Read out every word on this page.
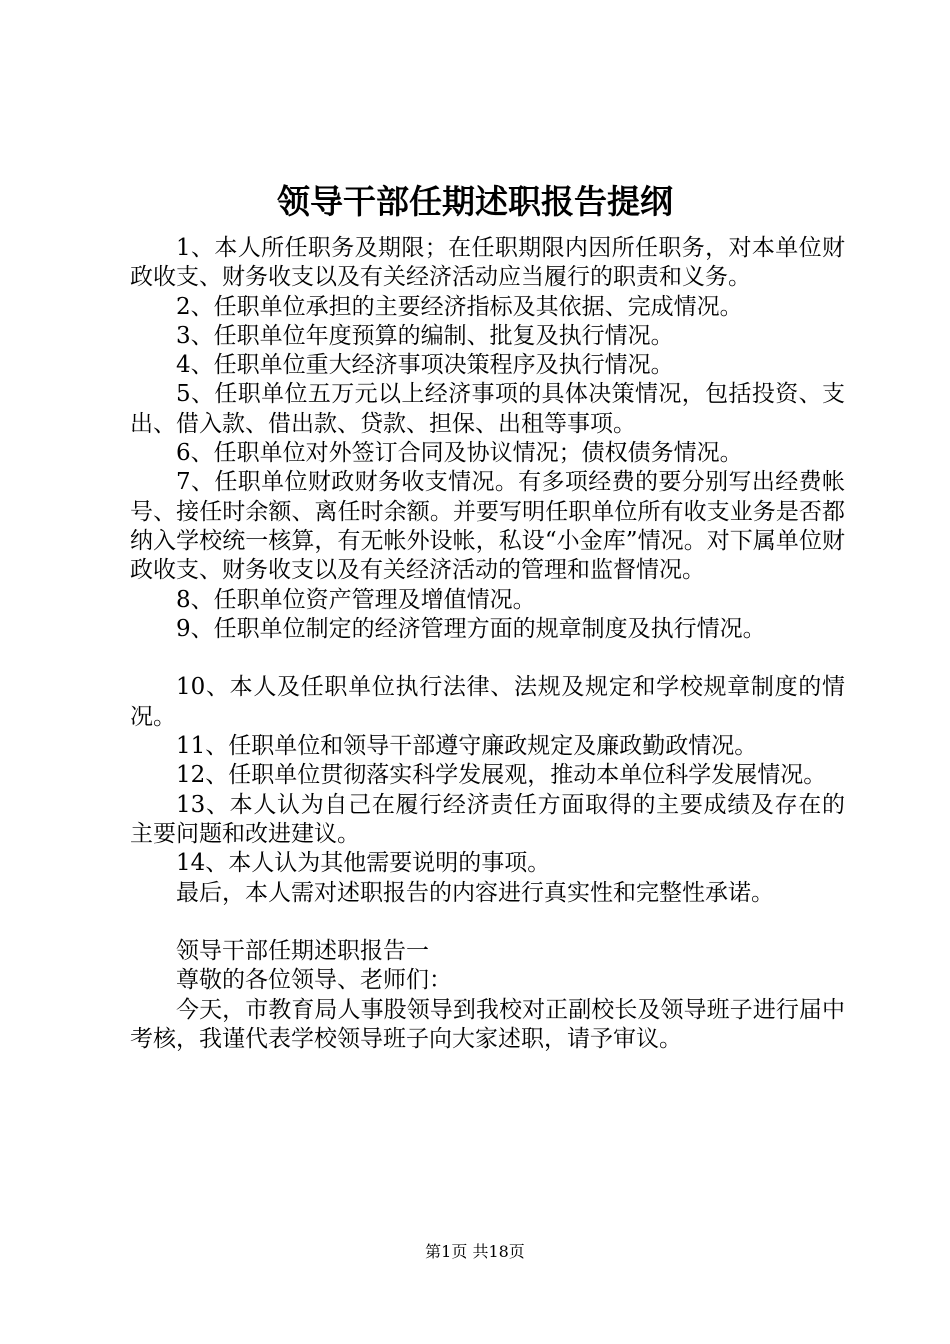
领导干部任期述职报告提纲

1、本人所任职务及期限；在任职期限内因所任职务，对本单位财政收支、财务收支以及有关经济活动应当履行的职责和义务。

2、任职单位承担的主要经济指标及其依据、完成情况。

3、任职单位年度预算的编制、批复及执行情况。

4、任职单位重大经济事项决策程序及执行情况。

5、任职单位五万元以上经济事项的具体决策情况，包括投资、支出、借入款、借出款、贷款、担保、出租等事项。

6、任职单位对外签订合同及协议情况；债权债务情况。

7、任职单位财政财务收支情况。有多项经费的要分别写出经费帐号、接任时余额、离任时余额。并要写明任职单位所有收支业务是否都纳入学校统一核算，有无帐外设帐，私设“小金库”情况。对下属单位财政收支、财务收支以及有关经济活动的管理和监督情况。

8、任职单位资产管理及增值情况。

9、任职单位制定的经济管理方面的规章制度及执行情况。

10、本人及任职单位执行法律、法规及规定和学校规章制度的情况。

11、任职单位和领导干部遵守廉政规定及廉政勤政情况。

12、任职单位贯彻落实科学发展观，推动本单位科学发展情况。

13、本人认为自己在履行经济责任方面取得的主要成绩及存在的主要问题和改进建议。

14、本人认为其他需要说明的事项。

最后，本人需对述职报告的内容进行真实性和完整性承诺。

领导干部任期述职报告一

尊敬的各位领导、老师们：

今天，市教育局人事股领导到我校对正副校长及领导班子进行届中考核，我谨代表学校领导班子向大家述职，请予审议。

第1页 共18页
